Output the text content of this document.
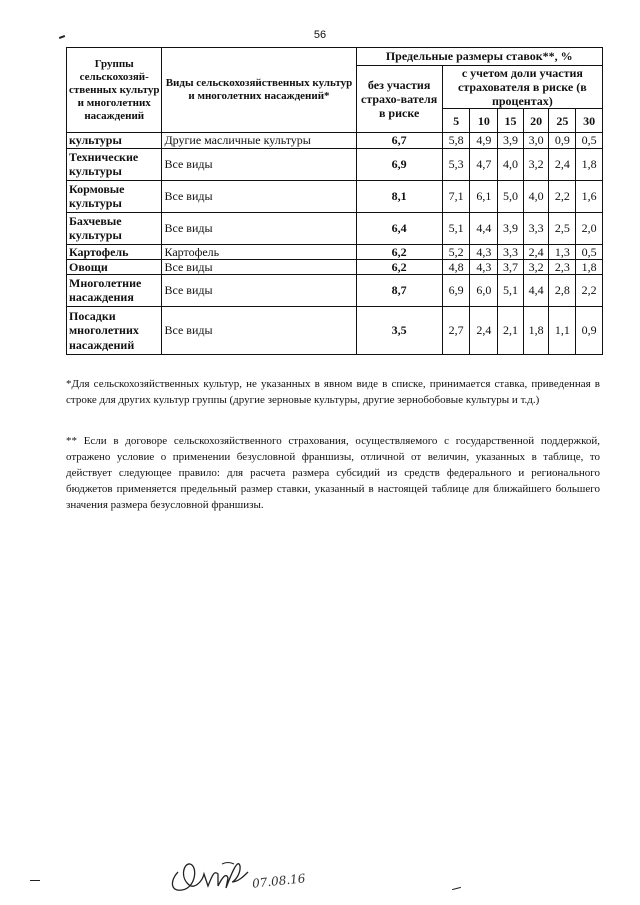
56
Группы сельскохозяй-ственных культур и многолетних насаждений	Виды сельскохозяйственных культур и многолетних насаждений*	Предельные размеры ставок**, %						
		без участия страхо-вателя в риске	с учетом доли участия страхователя в риске (в процентах)					
			5	10	15	20	25	30
культуры	Другие масличные культуры	6,7	5,8	4,9	3,9	3,0	0,9	0,5
Технические культуры	Все виды	6,9	5,3	4,7	4,0	3,2	2,4	1,8
Кормовые культуры	Все виды	8,1	7,1	6,1	5,0	4,0	2,2	1,6
Бахчевые культуры	Все виды	6,4	5,1	4,4	3,9	3,3	2,5	2,0
Картофель	Картофель	6,2	5,2	4,3	3,3	2,4	1,3	0,5
Овощи	Все виды	6,2	4,8	4,3	3,7	3,2	2,3	1,8
Многолетние насаждения	Все виды	8,7	6,9	6,0	5,1	4,4	2,8	2,2
Посадки многолетних насаждений	Все виды	3,5	2,7	2,4	2,1	1,8	1,1	0,9
*Для сельскохозяйственных культур, не указанных в явном виде в списке, принимается ставка, приведенная в строке для других культур группы (другие зерновые культуры, другие зернобобовые культуры и т.д.)
** Если в договоре сельскохозяйственного страхования, осуществляемого с государственной поддержкой, отражено условие о применении безусловной франшизы, отличной от величин, указанных в таблице, то действует следующее правило: для расчета размера субсидий из средств федерального и регионального бюджетов применяется предельный размер ставки, указанный в настоящей таблице для ближайшего большего значения размера безусловной франшизы.
07.08.16
